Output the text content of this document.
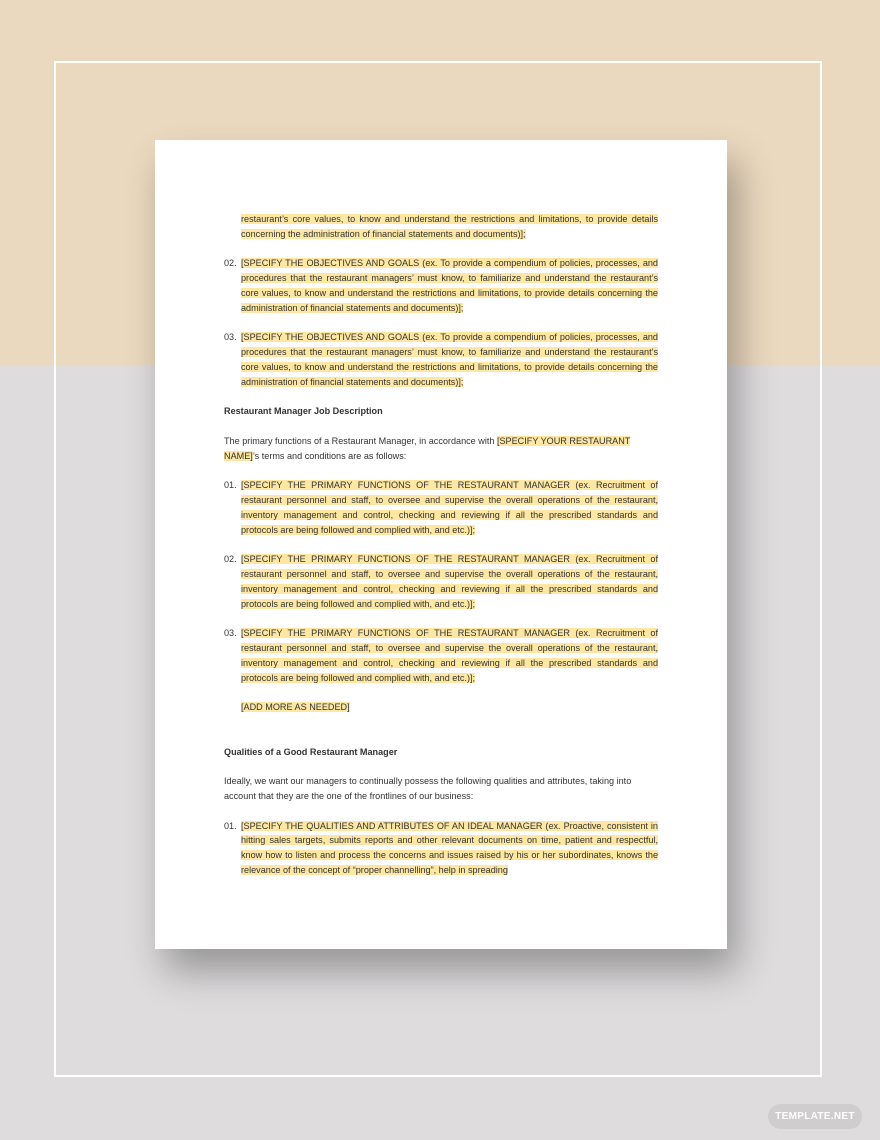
restaurant’s core values, to know and understand the restrictions and limitations, to provide details concerning the administration of financial statements and documents)];
02. [SPECIFY THE OBJECTIVES AND GOALS (ex. To provide a compendium of policies, processes, and procedures that the restaurant managers’ must know, to familiarize and understand the restaurant’s core values, to know and understand the restrictions and limitations, to provide details concerning the administration of financial statements and documents)];
03. [SPECIFY THE OBJECTIVES AND GOALS (ex. To provide a compendium of policies, processes, and procedures that the restaurant managers’ must know, to familiarize and understand the restaurant’s core values, to know and understand the restrictions and limitations, to provide details concerning the administration of financial statements and documents)];
Restaurant Manager Job Description
The primary functions of a Restaurant Manager, in accordance with [SPECIFY YOUR RESTAURANT NAME]’s terms and conditions are as follows:
01. [SPECIFY THE PRIMARY FUNCTIONS OF THE RESTAURANT MANAGER (ex. Recruitment of restaurant personnel and staff, to oversee and supervise the overall operations of the restaurant, inventory management and control, checking and reviewing if all the prescribed standards and protocols are being followed and complied with, and etc.)];
02. [SPECIFY THE PRIMARY FUNCTIONS OF THE RESTAURANT MANAGER (ex. Recruitment of restaurant personnel and staff, to oversee and supervise the overall operations of the restaurant, inventory management and control, checking and reviewing if all the prescribed standards and protocols are being followed and complied with, and etc.)];
03. [SPECIFY THE PRIMARY FUNCTIONS OF THE RESTAURANT MANAGER (ex. Recruitment of restaurant personnel and staff, to oversee and supervise the overall operations of the restaurant, inventory management and control, checking and reviewing if all the prescribed standards and protocols are being followed and complied with, and etc.)];
[ADD MORE AS NEEDED]
Qualities of a Good Restaurant Manager
Ideally, we want our managers to continually possess the following qualities and attributes, taking into account that they are the one of the frontlines of our business:
01. [SPECIFY THE QUALITIES AND ATTRIBUTES OF AN IDEAL MANAGER (ex. Proactive, consistent in hitting sales targets, submits reports and other relevant documents on time, patient and respectful, know how to listen and process the concerns and issues raised by his or her subordinates, knows the relevance of the concept of “proper channelling”, help in spreading
TEMPLATE.NET
